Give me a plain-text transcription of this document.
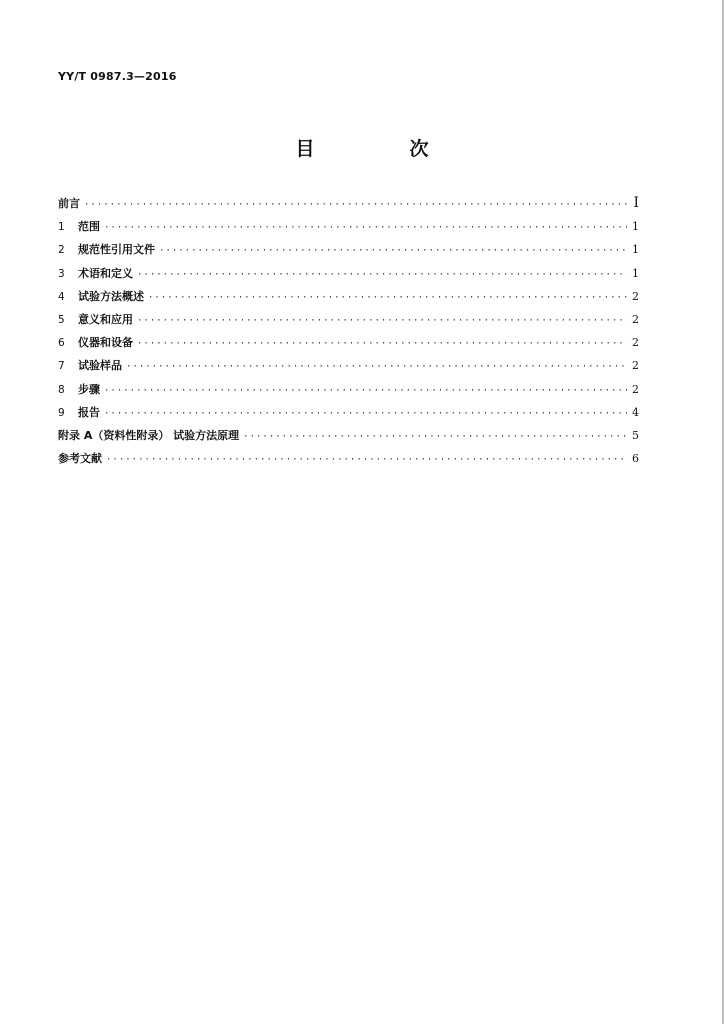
YY/T 0987.3—2016
目　次
前言 ·····	Ⅰ
1	范围 ·····	1
2	规范性引用文件 ·····	1
3	术语和定义 ·····	1
4	试验方法概述 ·····	2
5	意义和应用 ·····	2
6	仪器和设备 ·····	2
7	试验样品 ·····	2
8	步骤 ·····	2
9	报告 ·····	4
附录 A（资料性附录） 试验方法原理 ·····	5
参考文献 ·····	6
